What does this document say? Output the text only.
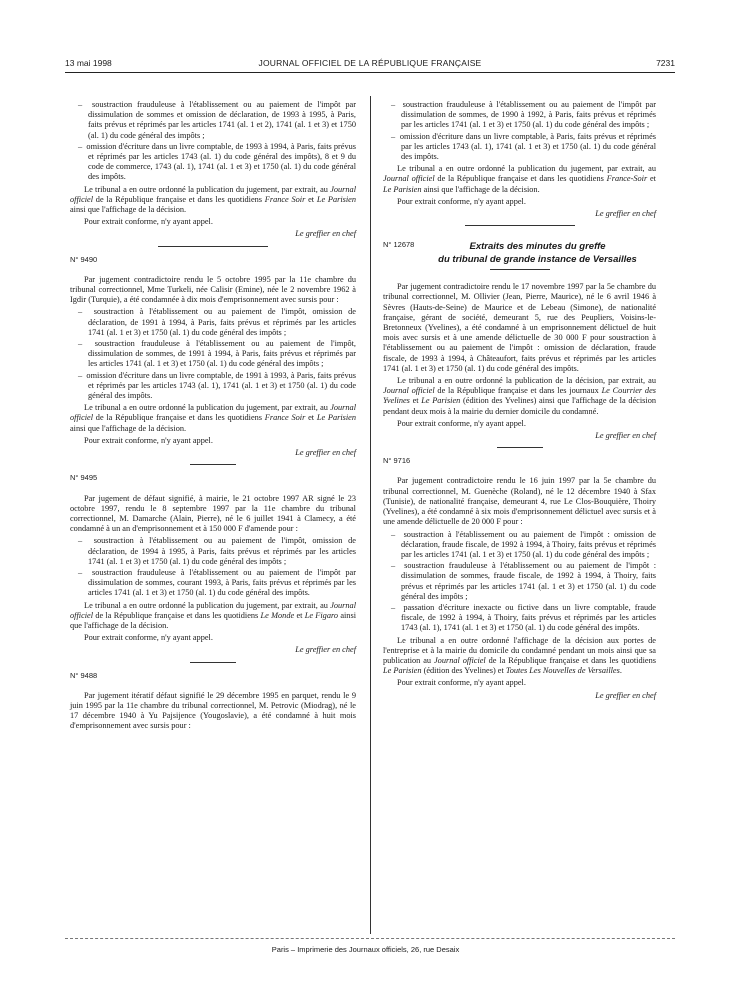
13 mai 1998	JOURNAL OFFICIEL DE LA RÉPUBLIQUE FRANÇAISE	7231
–  soustraction frauduleuse à l'établissement ou au paiement de l'impôt par dissimulation de sommes et omission de déclaration, de 1993 à 1995, à Paris, faits prévus et réprimés par les articles 1741 (al. 1 et 2), 1741 (al. 1 et 3) et 1750 (al. 1) du code général des impôts ;
–  omission d'écriture dans un livre comptable, de 1993 à 1994, à Paris, faits prévus et réprimés par les articles 1743 (al. 1) du code général des impôts), 8 et 9 du code de commerce, 1743 (al. 1), 1741 (al. 1 et 3) et 1750 (al. 1) du code général des impôts.

Le tribunal a en outre ordonné la publication du jugement, par extrait, au Journal officiel de la République française et dans les quotidiens France Soir et Le Parisien ainsi que l'affichage de la décision.

Pour extrait conforme, n'y ayant appel.

Le greffier en chef

N° 9490

Par jugement contradictoire rendu le 5 octobre 1995 par la 11e chambre du tribunal correctionnel, Mme Turkeli, née Calisir (Emine), née le 2 novembre 1962 à Igdir (Turquie), a été condamnée à dix mois d'emprisonnement avec sursis pour :

–  soustraction à l'établissement ou au paiement de l'impôt, omission de déclaration, de 1991 à 1994, à Paris, faits prévus et réprimés par les articles 1741 (al. 1 et 3) et 1750 (al. 1) du code général des impôts ;
–  soustraction frauduleuse à l'établissement ou au paiement de l'impôt, dissimulation de sommes, de 1991 à 1994, à Paris, faits prévus et réprimés par les articles 1741 (al. 1 et 3) et 1750 (al. 1) du code général des impôts ;
–  omission d'écriture dans un livre comptable, de 1991 à 1993, à Paris, faits prévus et réprimés par les articles 1743 (al. 1), 1741 (al. 1 et 3) et 1750 (al. 1) du code général des impôts.

Le tribunal a en outre ordonné la publication du jugement, par extrait, au Journal officiel de la République française et dans les quotidiens France Soir et Le Parisien ainsi que l'affichage de la décision.

Pour extrait conforme, n'y ayant appel.

Le greffier en chef

N° 9495

Par jugement de défaut signifié, à mairie, le 21 octobre 1997 AR signé le 23 octobre 1997, rendu le 8 septembre 1997 par la 11e chambre du tribunal correctionnel, M. Damarche (Alain, Pierre), né le 6 juillet 1941 à Clamecy, a été condamné à un an d'emprisonnement et à 150 000 F d'amende pour :

–  soustraction à l'établissement ou au paiement de l'impôt, omission de déclaration, de 1994 à 1995, à Paris, faits prévus et réprimés par les articles 1741 (al. 1 et 3) et 1750 (al. 1) du code général des impôts ;
–  soustraction frauduleuse à l'établissement ou au paiement de l'impôt par dissimulation de sommes, courant 1993, à Paris, faits prévus et réprimés par les articles 1741 (al. 1 et 3) et 1750 (al. 1) du code général des impôts.

Le tribunal a en outre ordonné la publication du jugement, par extrait, au Journal officiel de la République française et dans les quotidiens Le Monde et Le Figaro ainsi que l'affichage de la décision.

Pour extrait conforme, n'y ayant appel.

Le greffier en chef

N° 9488

Par jugement itératif défaut signifié le 29 décembre 1995 en parquet, rendu le 9 juin 1995 par la 11e chambre du tribunal correctionnel, M. Petrovic (Miodrag), né le 17 décembre 1940 à Yu Pajsijence (Yougoslavie), a été condamné à huit mois d'emprisonnement avec sursis pour :

–  soustraction frauduleuse à l'établissement ou au paiement de l'impôt par dissimulation de sommes, de 1990 à 1992, à Paris, faits prévus et réprimés par les articles 1741 (al. 1 et 3) et 1750 (al. 1) du code général des impôts ;
–  omission d'écriture dans un livre comptable, à Paris, faits prévus et réprimés par les articles 1743 (al. 1), 1741 (al. 1 et 3) et 1750 (al. 1) du code général des impôts.

Le tribunal a en outre ordonné la publication du jugement, par extrait, au Journal officiel de la République française et dans les quotidiens France-Soir et Le Parisien ainsi que l'affichage de la décision.

Pour extrait conforme, n'y ayant appel.

Le greffier en chef

N° 12678	Extraits des minutes du greffe
du tribunal de grande instance de Versailles

Par jugement contradictoire rendu le 17 novembre 1997 par la 5e chambre du tribunal correctionnel, M. Ollivier (Jean, Pierre, Maurice), né le 6 avril 1946 à Sèvres (Hauts-de-Seine) de Maurice et de Lebeau (Simone), de nationalité française, gérant de société, demeurant 5, rue des Peupliers, Voisins-le-Bretonneux (Yvelines), a été condamné à un emprisonnement délictuel de huit mois avec sursis et à une amende délictuelle de 30 000 F pour soustraction à l'établissement ou au paiement de l'impôt : omission de déclaration, fraude fiscale, de 1993 à 1994, à Châteaufort, faits prévus et réprimés par les articles 1741 (al. 1 et 3) et 1750 (al. 1) du code général des impôts.

Le tribunal a en outre ordonné la publication de la décision, par extrait, au Journal officiel de la République française et dans les journaux Le Courrier des Yvelines et Le Parisien (édition des Yvelines) ainsi que l'affichage de la décision pendant deux mois à la mairie du dernier domicile du condamné.

Pour extrait conforme, n'y ayant appel.

Le greffier en chef

N° 9716

Par jugement contradictoire rendu le 16 juin 1997 par la 5e chambre du tribunal correctionnel, M. Guenèche (Roland), né le 12 décembre 1940 à Sfax (Tunisie), de nationalité française, demeurant 4, rue Le Clos-Bouquière, Thoiry (Yvelines), a été condamné à six mois d'emprisonnement délictuel avec sursis et à une amende délictuelle de 20 000 F pour :

–  soustraction à l'établissement ou au paiement de l'impôt : omission de déclaration, fraude fiscale, de 1992 à 1994, à Thoiry, faits prévus et réprimés par les articles 1741 (al. 1 et 3) et 1750 (al. 1) du code général des impôts ;
–  soustraction frauduleuse à l'établissement ou au paiement de l'impôt : dissimulation de sommes, fraude fiscale, de 1992 à 1994, à Thoiry, faits prévus et réprimés par les articles 1741 (al. 1 et 3) et 1750 (al. 1) du code général des impôts ;
–  passation d'écriture inexacte ou fictive dans un livre comptable, fraude fiscale, de 1992 à 1994, à Thoiry, faits prévus et réprimés par les articles 1743 (al. 1), 1741 (al. 1 et 3) et 1750 (al. 1) du code général des impôts.

Le tribunal a en outre ordonné l'affichage de la décision aux portes de l'entreprise et à la mairie du domicile du condamné pendant un mois ainsi que sa publication au Journal officiel de la République française et dans les quotidiens Le Parisien (édition des Yvelines) et Toutes Les Nouvelles de Versailles.

Pour extrait conforme, n'y ayant appel.

Le greffier en chef

Paris – Imprimerie des Journaux officiels, 26, rue Desaix
